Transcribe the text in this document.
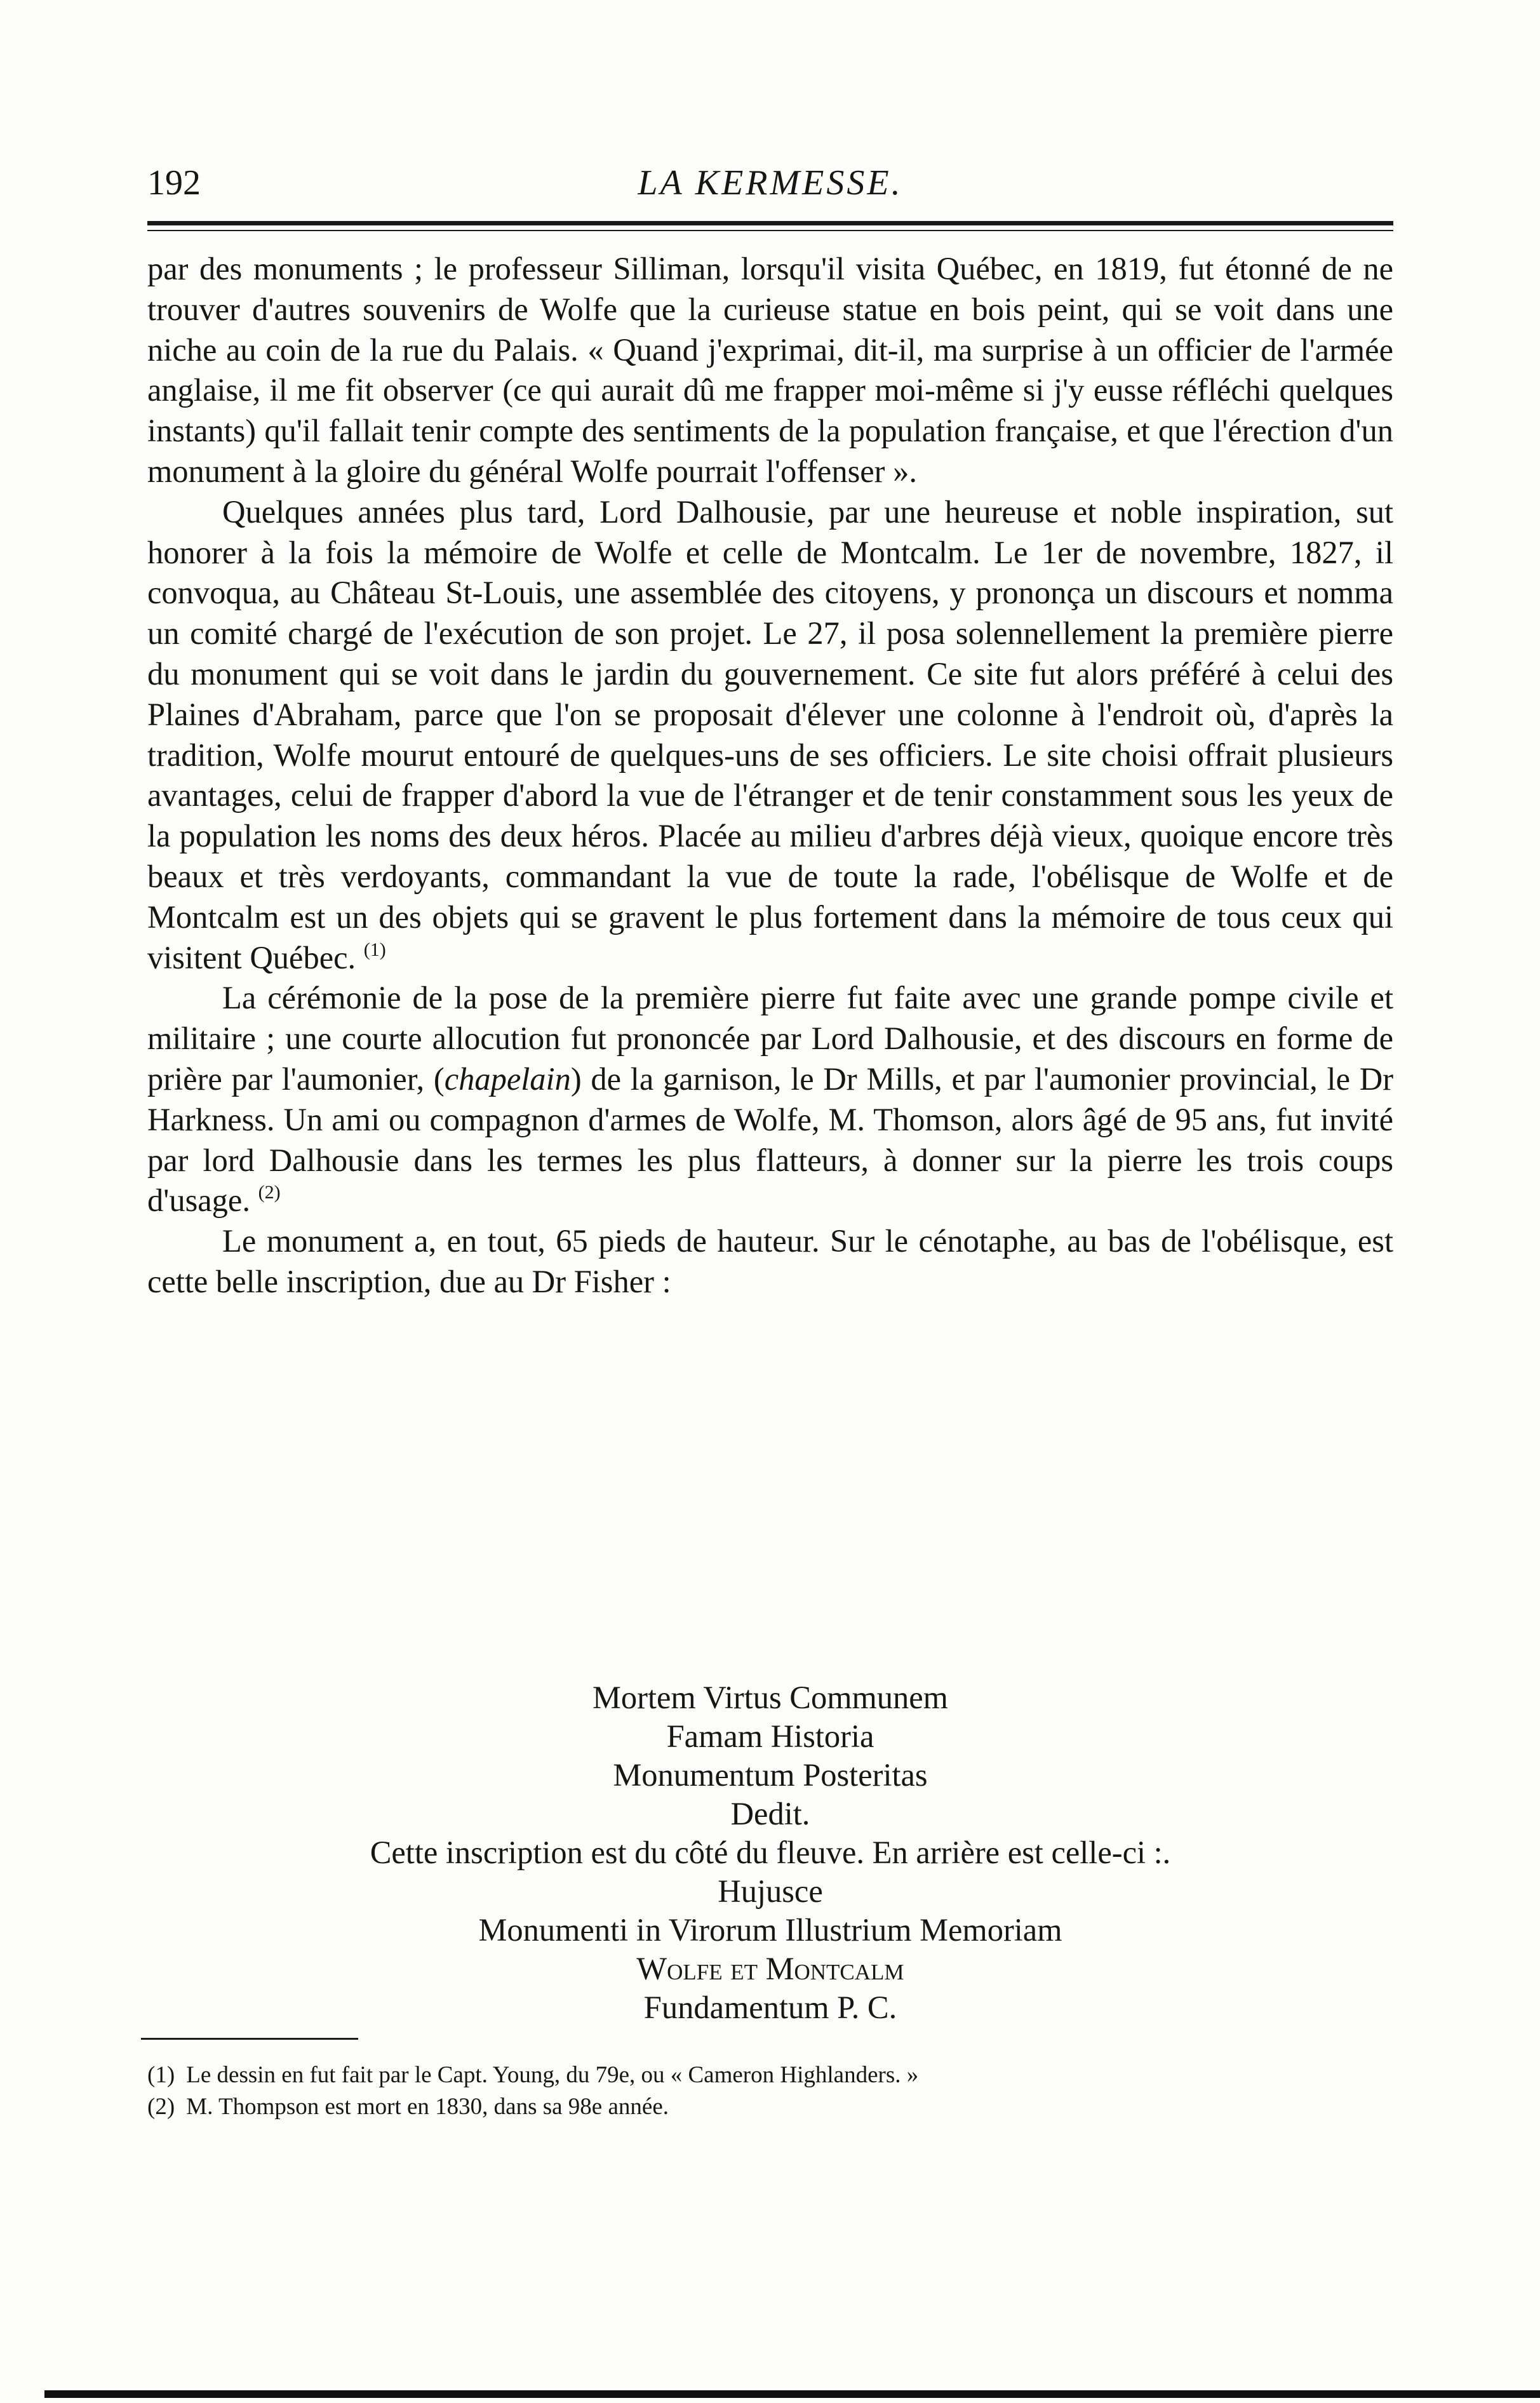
192	LA KERMESSE.

par des monuments ; le professeur Silliman, lorsqu'il visita Québec, en 1819, fut étonné de ne trouver d'autres souvenirs de Wolfe que la curieuse statue en bois peint, qui se voit dans une niche au coin de la rue du Palais. « Quand j'exprimai, dit-il, ma surprise à un officier de l'armée anglaise, il me fit observer (ce qui aurait dû me frapper moi-même si j'y eusse réfléchi quelques instants) qu'il fallait tenir compte des sentiments de la population française, et que l'érection d'un monument à la gloire du général Wolfe pourrait l'offenser ».

Quelques années plus tard, Lord Dalhousie, par une heureuse et noble inspiration, sut honorer à la fois la mémoire de Wolfe et celle de Montcalm. Le 1er de novembre, 1827, il convoqua, au Château St-Louis, une assemblée des citoyens, y prononça un discours et nomma un comité chargé de l'exécution de son projet. Le 27, il posa solennellement la première pierre du monument qui se voit dans le jardin du gouvernement. Ce site fut alors préféré à celui des Plaines d'Abraham, parce que l'on se proposait d'élever une colonne à l'endroit où, d'après la tradition, Wolfe mourut entouré de quelques-uns de ses officiers. Le site choisi offrait plusieurs avantages, celui de frapper d'abord la vue de l'étranger et de tenir constamment sous les yeux de la population les noms des deux héros. Placée au milieu d'arbres déjà vieux, quoique encore très beaux et très verdoyants, commandant la vue de toute la rade, l'obélisque de Wolfe et de Montcalm est un des objets qui se gravent le plus fortement dans la mémoire de tous ceux qui visitent Québec. $^{(1)}$

La cérémonie de la pose de la première pierre fut faite avec une grande pompe civile et militaire ; une courte allocution fut prononcée par Lord Dalhousie, et des discours en forme de prière par l'aumonier, (chapelain) de la garnison, le Dr Mills, et par l'aumonier provincial, le Dr Harkness. Un ami ou compagnon d'armes de Wolfe, M. Thomson, alors âgé de 95 ans, fut invité par lord Dalhousie dans les termes les plus flatteurs, à donner sur la pierre les trois coups d'usage. $^{(2)}$

Le monument a, en tout, 65 pieds de hauteur. Sur le cénotaphe, au bas de l'obélisque, est cette belle inscription, due au Dr Fisher :

Mortem Virtus Communem
Famam Historia
Monumentum Posteritas
Dedit.
Cette inscription est du côté du fleuve. En arrière est celle-ci :.
Hujusce
Monumenti in Virorum Illustrium Memoriam
Wolfe et Montcalm
Fundamentum P. C.
(1) Le dessin en fut fait par le Capt. Young, du 79e, ou « Cameron Highlanders. »
(2) M. Thompson est mort en 1830, dans sa 98e année.
